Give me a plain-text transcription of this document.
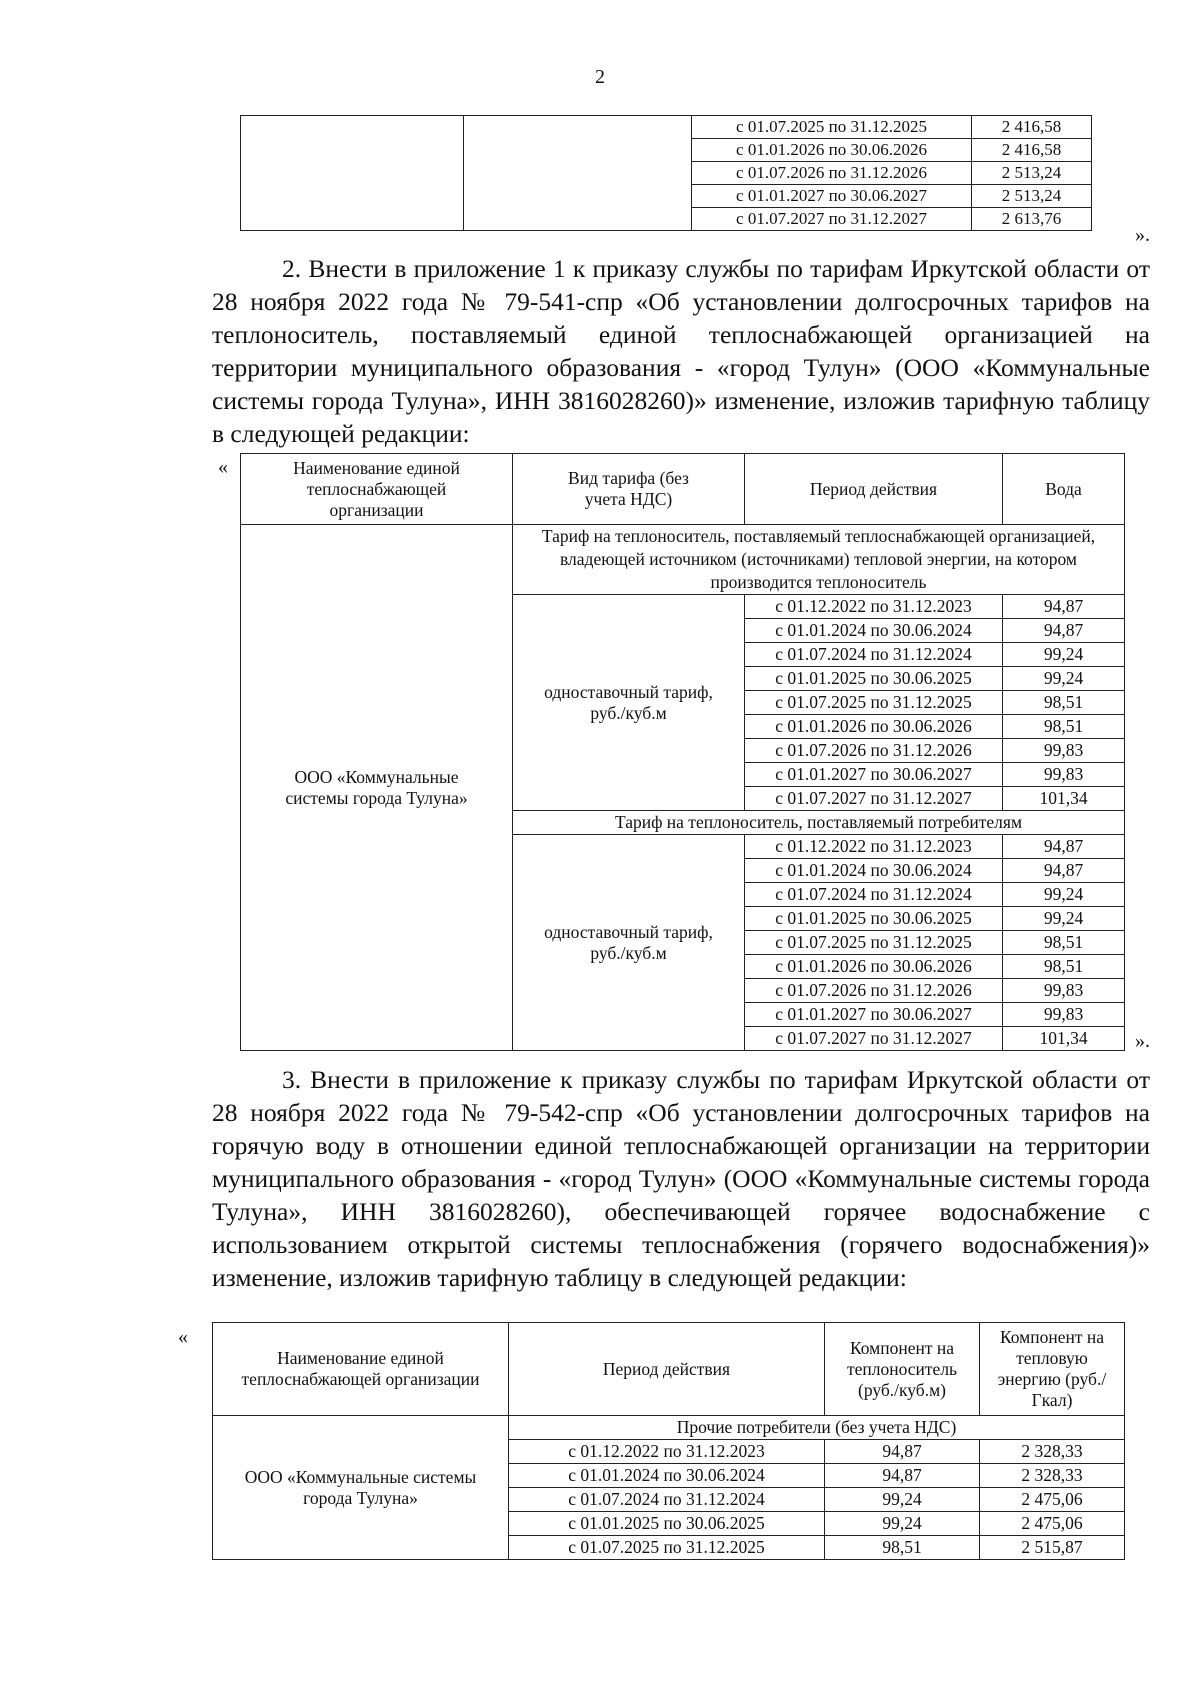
2
		с 01.07.2025 по 31.12.2025	2 416,58
		с 01.01.2026 по 30.06.2026	2 416,58
		с 01.07.2026 по 31.12.2026	2 513,24
		с 01.01.2027 по 30.06.2027	2 513,24
		с 01.07.2027 по 31.12.2027	2 613,76
».

2. Внести в приложение 1 к приказу службы по тарифам Иркутской области от 28 ноября 2022 года № 79-541-спр «Об установлении долгосрочных тарифов на теплоноситель, поставляемый единой теплоснабжающей организацией на территории муниципального образования - «город Тулун» (ООО «Коммунальные системы города Тулуна», ИНН 3816028260)» изменение, изложив тарифную таблицу в следующей редакции:

«	Наименование единой теплоснабжающей организации	Вид тарифа (без учета НДС)	Период действия	Вода
ООО «Коммунальные системы города Тулуна»	Тариф на теплоноситель, поставляемый теплоснабжающей организацией, владеющей источником (источниками) тепловой энергии, на котором производится теплоноситель		
	одноставочный тариф, руб./куб.м	с 01.12.2022 по 31.12.2023	94,87
		с 01.01.2024 по 30.06.2024	94,87
		с 01.07.2024 по 31.12.2024	99,24
		с 01.01.2025 по 30.06.2025	99,24
		с 01.07.2025 по 31.12.2025	98,51
		с 01.01.2026 по 30.06.2026	98,51
		с 01.07.2026 по 31.12.2026	99,83
		с 01.01.2027 по 30.06.2027	99,83
		с 01.07.2027 по 31.12.2027	101,34
	Тариф на теплоноситель, поставляемый потребителям		
	одноставочный тариф, руб./куб.м	с 01.12.2022 по 31.12.2023	94,87
		с 01.01.2024 по 30.06.2024	94,87
		с 01.07.2024 по 31.12.2024	99,24
		с 01.01.2025 по 30.06.2025	99,24
		с 01.07.2025 по 31.12.2025	98,51
		с 01.01.2026 по 30.06.2026	98,51
		с 01.07.2026 по 31.12.2026	99,83
		с 01.01.2027 по 30.06.2027	99,83
		с 01.07.2027 по 31.12.2027	101,34 ».

3. Внести в приложение к приказу службы по тарифам Иркутской области от 28 ноября 2022 года № 79-542-спр «Об установлении долгосрочных тарифов на горячую воду в отношении единой теплоснабжающей организации на территории муниципального образования - «город Тулун» (ООО «Коммунальные системы города Тулуна», ИНН 3816028260), обеспечивающей горячее водоснабжение с использованием открытой системы теплоснабжения (горячего водоснабжения)» изменение, изложив тарифную таблицу в следующей редакции:

«
Наименование единой теплоснабжающей организации	Период действия	Компонент на теплоноситель (руб./куб.м)	Компонент на тепловую энергию (руб./Гкал)
ООО «Коммунальные системы города Тулуна»	Прочие потребители (без учета НДС)		
	с 01.12.2022 по 31.12.2023	94,87	2 328,33
	с 01.01.2024 по 30.06.2024	94,87	2 328,33
	с 01.07.2024 по 31.12.2024	99,24	2 475,06
	с 01.01.2025 по 30.06.2025	99,24	2 475,06
	с 01.07.2025 по 31.12.2025	98,51	2 515,87
